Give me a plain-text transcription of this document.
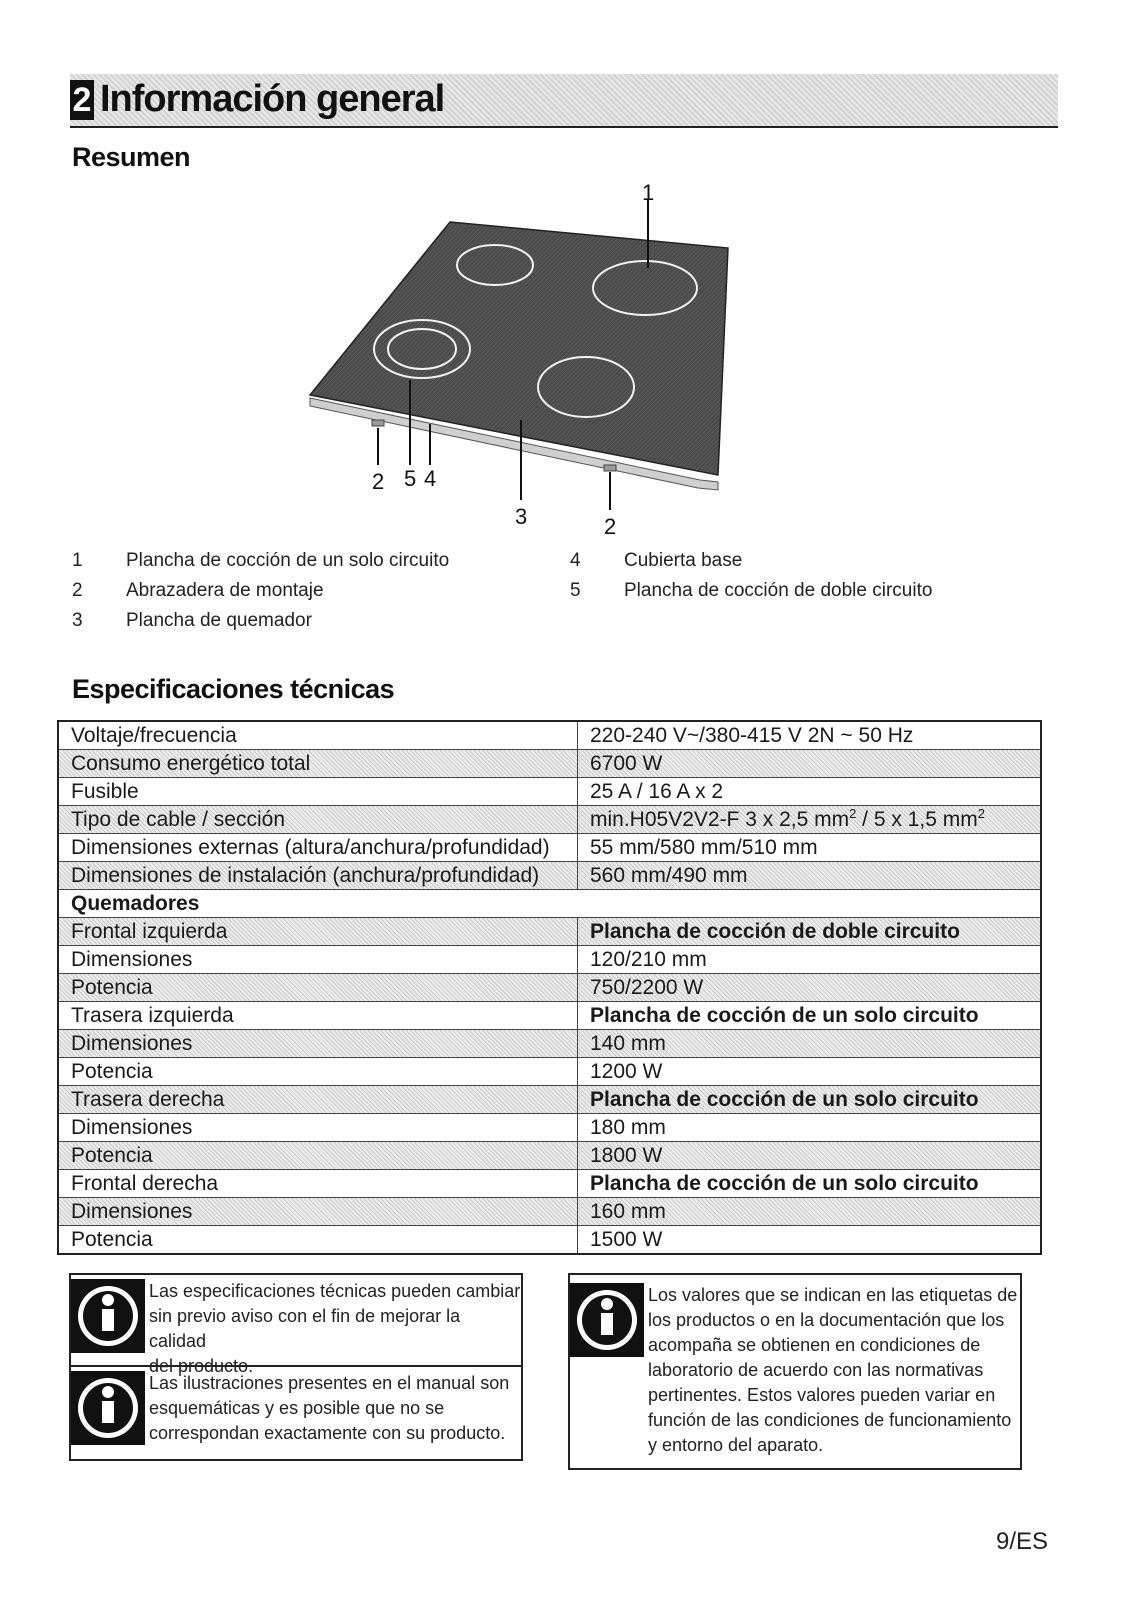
2 Información general
Resumen
1
2 5 4
3	2
1 Plancha de cocción de un solo circuito
2 Abrazadera de montaje
3 Plancha de quemador
4 Cubierta base
5 Plancha de cocción de doble circuito
Especificaciones técnicas
Voltaje/frecuencia	220-240 V~/380-415 V 2N ~ 50 Hz
Consumo energético total	6700 W
Fusible	25 A / 16 A x 2
Tipo de cable / sección	min.H05V2V2-F 3 x 2,5 $mm^2 / 5$ x 1,5 $mm^2$
Dimensiones externas (altura/anchura/profundidad)	55 mm/580 mm/510 mm
Dimensiones de instalación (anchura/profundidad)	560 mm/490 mm
Quemadores	
Frontal izquierda	Plancha de cocción de doble circuito
Dimensiones	120/210 mm
Potencia	750/2200 W
Trasera izquierda	Plancha de cocción de un solo circuito
Dimensiones	140 mm
Potencia	1200 W
Trasera derecha	Plancha de cocción de un solo circuito
Dimensiones	180 mm
Potencia	1800 W
Frontal derecha	Plancha de cocción de un solo circuito
Dimensiones	160 mm
Potencia	1500 W
Las especificaciones técnicas pueden cambiar
sin previo aviso con el fin de mejorar la calidad
del producto.
Las ilustraciones presentes en el manual son
esquemáticas y es posible que no se
correspondan exactamente con su producto.
Los valores que se indican en las etiquetas de
los productos o en la documentación que los
acompaña se obtienen en condiciones de
laboratorio de acuerdo con las normativas
pertinentes. Estos valores pueden variar en
función de las condiciones de funcionamiento
y entorno del aparato.
9/ES
